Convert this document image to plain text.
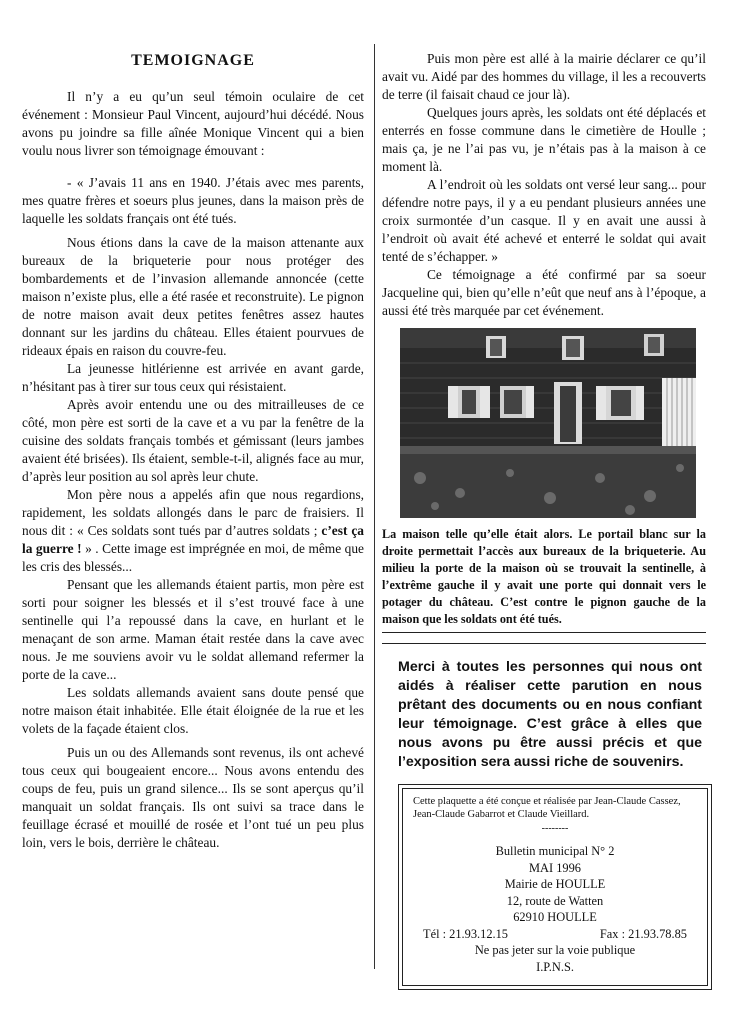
TEMOIGNAGE

Il n’y a eu qu’un seul témoin oculaire de cet événement : Monsieur Paul Vincent, aujourd’hui décédé. Nous avons pu joindre sa fille aînée Monique Vincent qui a bien voulu nous livrer son témoignage émouvant :

- « J’avais 11 ans en 1940. J’étais avec mes parents, mes quatre frères et soeurs plus jeunes, dans la maison près de laquelle les soldats français ont été tués.

Nous étions dans la cave de la maison attenante aux bureaux de la briqueterie pour nous protéger des bombardements et de l’invasion allemande annoncée (cette maison n’existe plus, elle a été rasée et reconstruite). Le pignon de notre maison avait deux petites fenêtres assez hautes donnant sur les jardins du château. Elles étaient pourvues de rideaux épais en raison du couvre-feu.

La jeunesse hitlérienne est arrivée en avant garde, n’hésitant pas à tirer sur tous ceux qui résistaient.

Après avoir entendu une ou des mitrailleuses de ce côté, mon père est sorti de la cave et a vu par la fenêtre de la cuisine des soldats français tombés et gémissant (leurs jambes avaient été brisées). Ils étaient, semble-t-il, alignés face au mur, d’après leur position au sol après leur chute.

Mon père nous a appelés afin que nous regardions, rapidement, les soldats allongés dans le parc de fraisiers. Il nous dit : « Ces soldats sont tués par d’autres soldats ; c’est ça la guerre ! » . Cette image est imprégnée en moi, de même que les cris des blessés...

Pensant que les allemands étaient partis, mon père est sorti pour soigner les blessés et il s’est trouvé face à une sentinelle qui l’a repoussé dans la cave, en hurlant et le menaçant de son arme. Maman était restée dans la cave avec nous. Je me souviens avoir vu le soldat allemand refermer la porte de la cave...

Les soldats allemands avaient sans doute pensé que notre maison était inhabitée. Elle était éloignée de la rue et les volets de la façade étaient clos.

Puis un ou des Allemands sont revenus, ils ont achevé tous ceux qui bougeaient encore... Nous avons entendu des coups de feu, puis un grand silence... Ils se sont aperçus qu’il manquait un soldat français. Ils ont suivi sa trace dans le feuillage écrasé et mouillé de rosée et l’ont tué un peu plus loin, vers le bois, derrière le château.

Puis mon père est allé à la mairie déclarer ce qu’il avait vu. Aidé par des hommes du village, il les a recouverts de terre (il faisait chaud ce jour là).

Quelques jours après, les soldats ont été déplacés et enterrés en fosse commune dans le cimetière de Houlle ; mais ça, je ne l’ai pas vu, je n’étais pas à la maison à ce moment là.

A l’endroit où les soldats ont versé leur sang... pour défendre notre pays, il y a eu pendant plusieurs années une croix surmontée d’un casque. Il y en avait une aussi à l’endroit où avait été achevé et enterré le soldat qui avait tenté de s’échapper. »

Ce témoignage a été confirmé par sa soeur Jacqueline qui, bien qu’elle n’eût que neuf ans à l’époque, a aussi été très marquée par cet événement.

La maison telle qu’elle était alors. Le portail blanc sur la droite permettait l’accès aux bureaux de la briqueterie. Au milieu la porte de la maison où se trouvait la sentinelle, à l’extrême gauche il y avait une porte qui donnait vers le potager du château. C’est contre le pignon gauche de la maison que les soldats ont été tués.
Merci à toutes les personnes qui nous ont aidés à réaliser cette parution en nous prêtant des documents ou en nous confiant leur témoignage. C’est grâce à elles que nous avons pu être aussi précis et que l’exposition sera aussi riche de souvenirs.
Cette plaquette a été conçue et réalisée par Jean-Claude Cassez, Jean-Claude Gabarrot et Claude Vieillard.
--------
Bulletin municipal N° 2
MAI 1996
Mairie de HOULLE
12, route de Watten
62910 HOULLE
Tél : 21.93.12.15	Fax : 21.93.78.85
Ne pas jeter sur la voie publique
I.P.N.S.
